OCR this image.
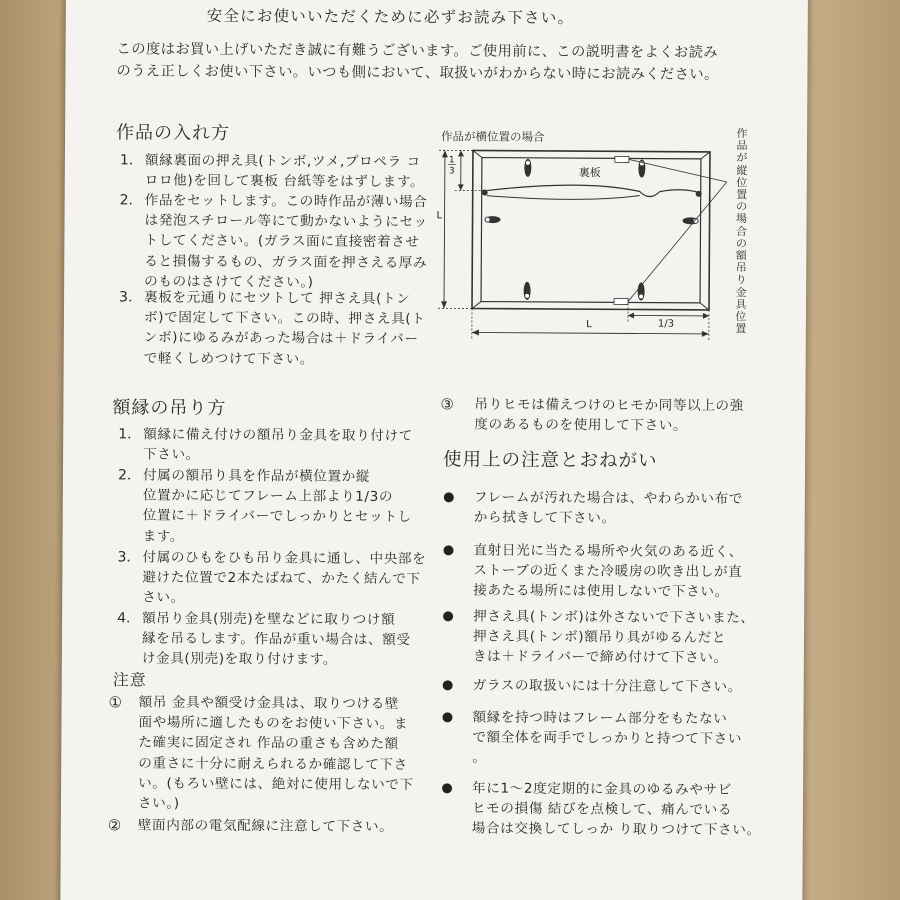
安全にお使いいただくために必ずお読み下さい。
この度はお買い上げいただき誠に有難うございます。ご使用前に、この説明書をよくお読み
のうえ正しくお使い下さい。いつも側において、取扱いがわからない時にお読みください。
作品の入れ方
1． 額縁裏面の押え具(トンボ,ツメ,プロペラ コ
ロロ他)を回して裏板 台紙等をはずします。
2． 作品をセットします。この時作品が薄い場合
は発泡スチロール等にて動かないようにセッ
トしてください。(ガラス面に直接密着させ
ると損傷するもの、ガラス面を押さえる厚み
のものはさけてください。)
3． 裏板を元通りにセツトして 押さえ具(トン
ボ)で固定して下さい。この時、押さえ具(ト
ンボ)にゆるみがあった場合は＋ドライバー
で軽くしめつけて下さい。
作品が横位置の場合
裏板
L
1
3
L	1/3
作
品
が
縦
位
置
の
場
合
の
額
吊
り
金
具
位
置
額縁の吊り方
1． 額縁に備え付けの額吊り金具を取り付けて
下さい。
2． 付属の額吊り具を作品が横位置か縦
位置かに応じてフレーム上部より1/3の
位置に＋ドライバーでしっかりとセットし
ます。
3． 付属のひもをひも吊り金具に通し、中央部を
避けた位置で2本たばねて、かたく結んで下
さい。
4． 額吊り金具(別売)を壁などに取りつけ額
縁を吊るします。作品が重い場合は、額受
け金具(別売)を取り付けます。
注意
① 額吊 金具や額受け金具は、取りつける壁
面や場所に適したものをお使い下さい。ま
た確実に固定され 作品の重さも含めた額
の重さに十分に耐えられるか確認して下さ
い。(もろい壁には、絶対に使用しないで下
さい。)
② 壁面内部の電気配線に注意して下さい。
③ 吊りヒモは備えつけのヒモか同等以上の強
度のあるものを使用して下さい。
使用上の注意とおねがい
フレームが汚れた場合は、やわらかい布で
から拭きして下さい。
直射日光に当たる場所や火気のある近く、
ストーブの近くまた冷暖房の吹き出しが直
接あたる場所には使用しないで下さい。
押さえ具(トンボ)は外さないで下さいまた、
押さえ具(トンボ)額吊り具がゆるんだと
きは＋ドライバーで締め付けて下さい。
ガラスの取扱いには十分注意して下さい。
額縁を持つ時はフレーム部分をもたない
で額全体を両手でしっかりと持つて下さい
。
年に1～2度定期的に金具のゆるみやサビ
ヒモの損傷 結びを点検して、痛んでいる
場合は交換してしっか り取りつけて下さい。
